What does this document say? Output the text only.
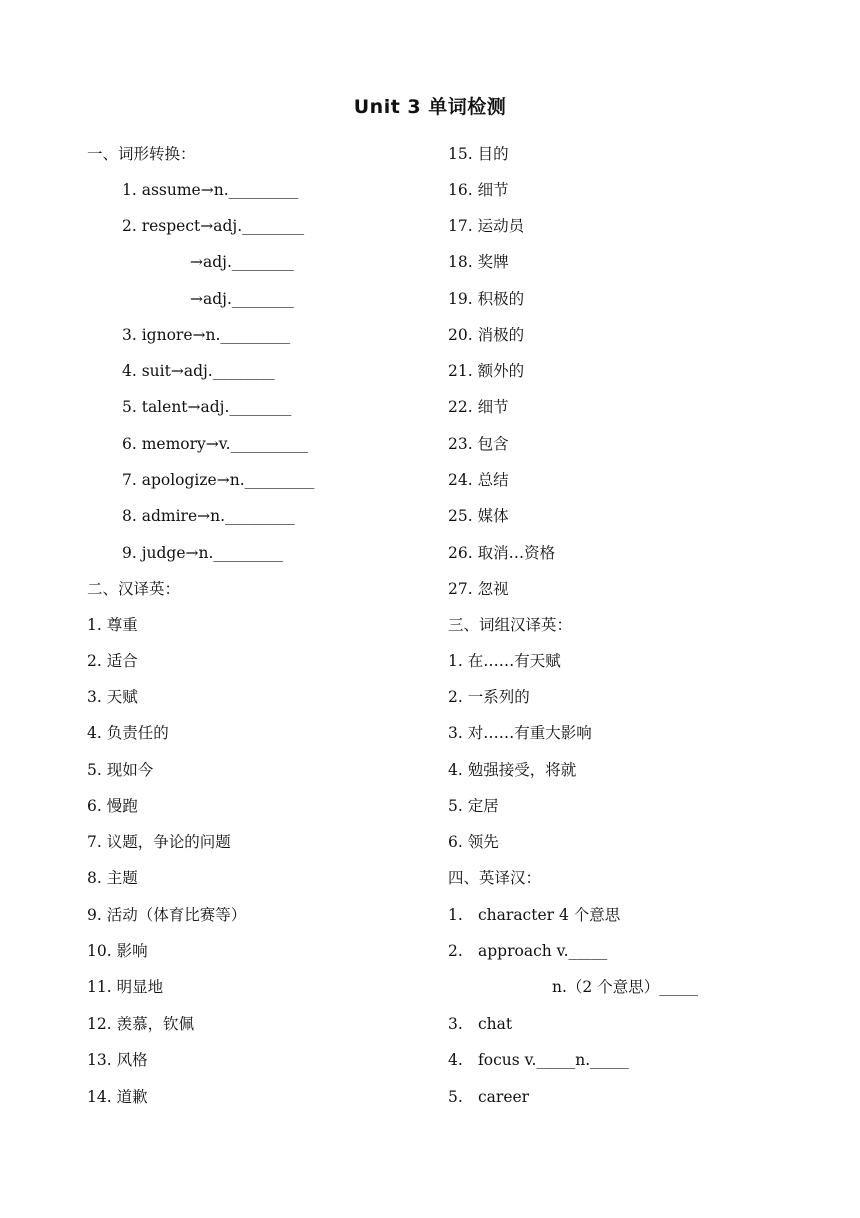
Unit 3 单词检测
一、词形转换：
1. assume→n._________
2. respect→adj.________
→adj.________
→adj.________
3. ignore→n._________
4. suit→adj.________
5. talent→adj.________
6. memory→v.__________
7. apologize→n._________
8. admire→n._________
9. judge→n._________
二、汉译英：
1. 尊重
2. 适合
3. 天赋
4. 负责任的
5. 现如今
6. 慢跑
7. 议题，争论的问题
8. 主题
9. 活动（体育比赛等）
10. 影响
11. 明显地
12. 羡慕，钦佩
13. 风格
14. 道歉
15. 目的
16. 细节
17. 运动员
18. 奖牌
19. 积极的
20. 消极的
21. 额外的
22. 细节
23. 包含
24. 总结
25. 媒体
26. 取消…资格
27. 忽视
三、词组汉译英：
1. 在……有天赋
2. 一系列的
3. 对……有重大影响
4. 勉强接受，将就
5. 定居
6. 领先
四、英译汉：
1. character 4 个意思
2. approach v._____
n.（2 个意思）_____
3. chat
4. focus v._____n._____
5. career
